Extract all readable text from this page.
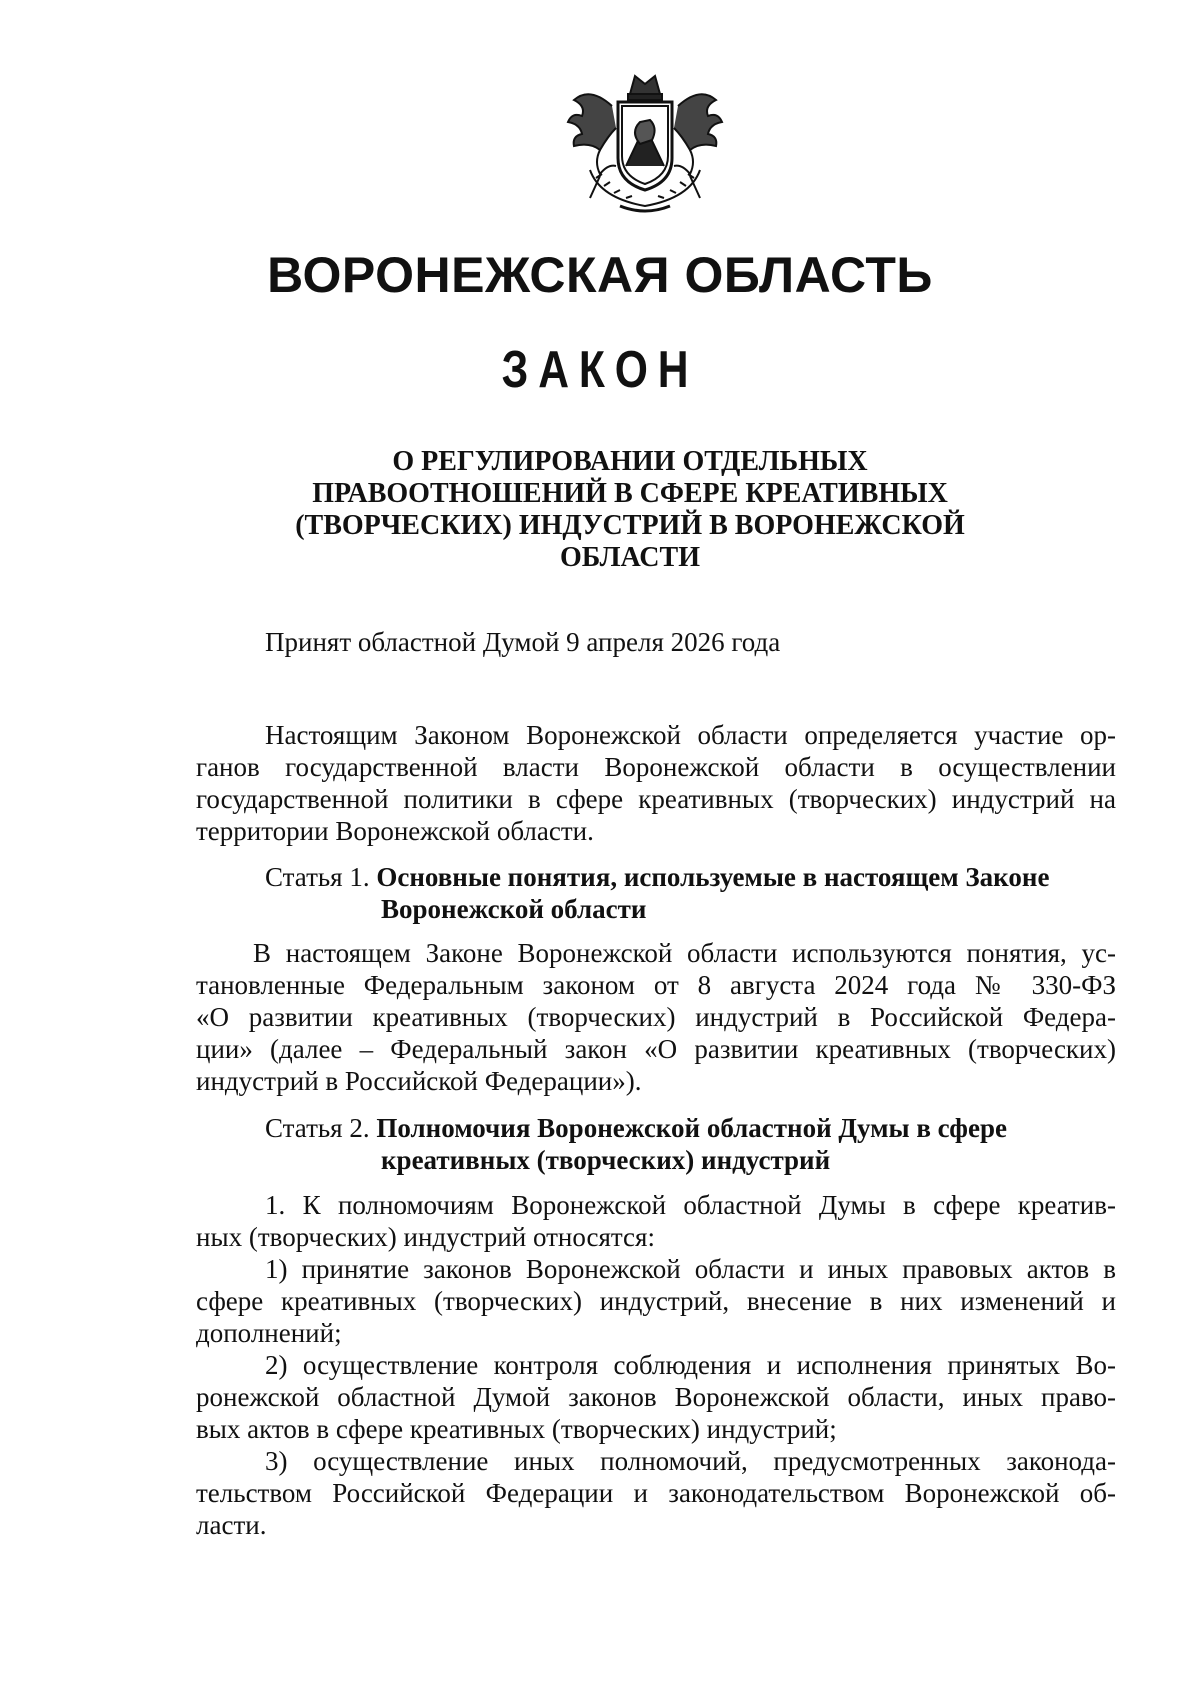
ВОРОНЕЖСКАЯ ОБЛАСТЬ
ЗАКОН
О РЕГУЛИРОВАНИИ ОТДЕЛЬНЫХ
ПРАВООТНОШЕНИЙ В СФЕРЕ КРЕАТИВНЫХ
(ТВОРЧЕСКИХ) ИНДУСТРИЙ В ВОРОНЕЖСКОЙ
ОБЛАСТИ
Принят областной Думой 9 апреля 2026 года
Настоящим Законом Воронежской области определяется участие ор-
ганов государственной власти Воронежской области в осуществлении
государственной политики в сфере креативных (творческих) индустрий на
территории Воронежской области.
Статья 1. Основные понятия, используемые в настоящем Законе
Воронежской области
В настоящем Законе Воронежской области используются понятия, ус-
тановленные Федеральным законом от 8 августа 2024 года № 330-ФЗ
«О развитии креативных (творческих) индустрий в Российской Федера-
ции» (далее – Федеральный закон «О развитии креативных (творческих)
индустрий в Российской Федерации»).
Статья 2. Полномочия Воронежской областной Думы в сфере
креативных (творческих) индустрий
1. К полномочиям Воронежской областной Думы в сфере креатив-
ных (творческих) индустрий относятся:
1) принятие законов Воронежской области и иных правовых актов в
сфере креативных (творческих) индустрий, внесение в них изменений и
дополнений;
2) осуществление контроля соблюдения и исполнения принятых Во-
ронежской областной Думой законов Воронежской области, иных право-
вых актов в сфере креативных (творческих) индустрий;
3) осуществление иных полномочий, предусмотренных законода-
тельством Российской Федерации и законодательством Воронежской об-
ласти.
